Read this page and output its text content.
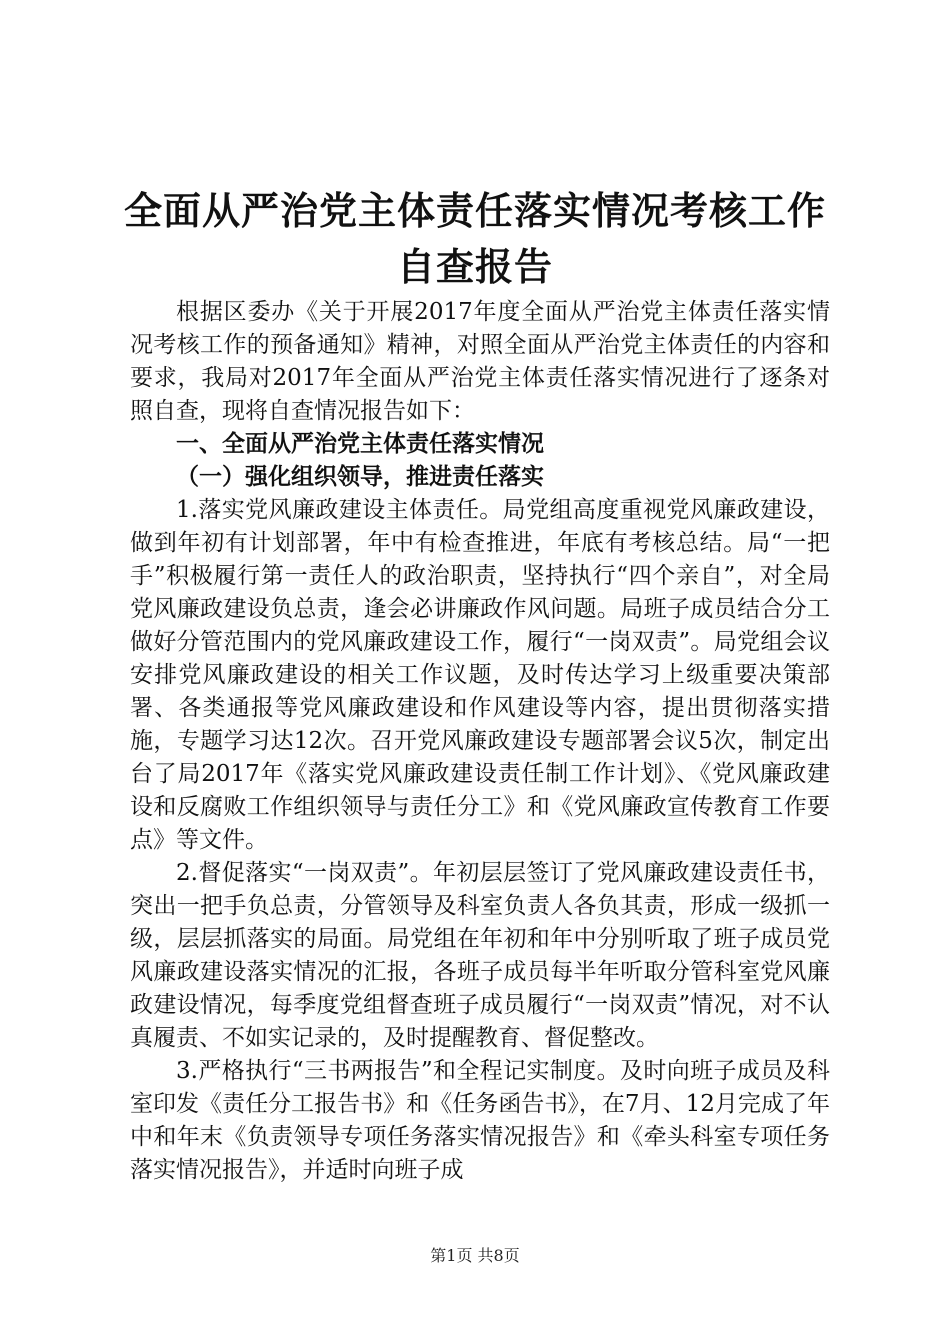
全面从严治党主体责任落实情况考核工作自查报告

根据区委办《关于开展2017年度全面从严治党主体责任落实情况考核工作的预备通知》精神，对照全面从严治党主体责任的内容和要求，我局对2017年全面从严治党主体责任落实情况进行了逐条对照自查，现将自查情况报告如下：

一、全面从严治党主体责任落实情况

（一）强化组织领导，推进责任落实

1.落实党风廉政建设主体责任。局党组高度重视党风廉政建设，做到年初有计划部署，年中有检查推进，年底有考核总结。局“一把手”积极履行第一责任人的政治职责，坚持执行“四个亲自”，对全局党风廉政建设负总责，逢会必讲廉政作风问题。局班子成员结合分工做好分管范围内的党风廉政建设工作，履行“一岗双责”。局党组会议安排党风廉政建设的相关工作议题，及时传达学习上级重要决策部署、各类通报等党风廉政建设和作风建设等内容，提出贯彻落实措施，专题学习达12次。召开党风廉政建设专题部署会议5次，制定出台了局2017年《落实党风廉政建设责任制工作计划》、《党风廉政建设和反腐败工作组织领导与责任分工》和《党风廉政宣传教育工作要点》等文件。

2.督促落实“一岗双责”。年初层层签订了党风廉政建设责任书，突出一把手负总责，分管领导及科室负责人各负其责，形成一级抓一级，层层抓落实的局面。局党组在年初和年中分别听取了班子成员党风廉政建设落实情况的汇报，各班子成员每半年听取分管科室党风廉政建设情况，每季度党组督查班子成员履行“一岗双责”情况，对不认真履责、不如实记录的，及时提醒教育、督促整改。

3.严格执行“三书两报告”和全程记实制度。及时向班子成员及科室印发《责任分工报告书》和《任务函告书》，在7月、12月完成了年中和年末《负责领导专项任务落实情况报告》和《牵头科室专项任务落实情况报告》，并适时向班子成

第1页 共8页
